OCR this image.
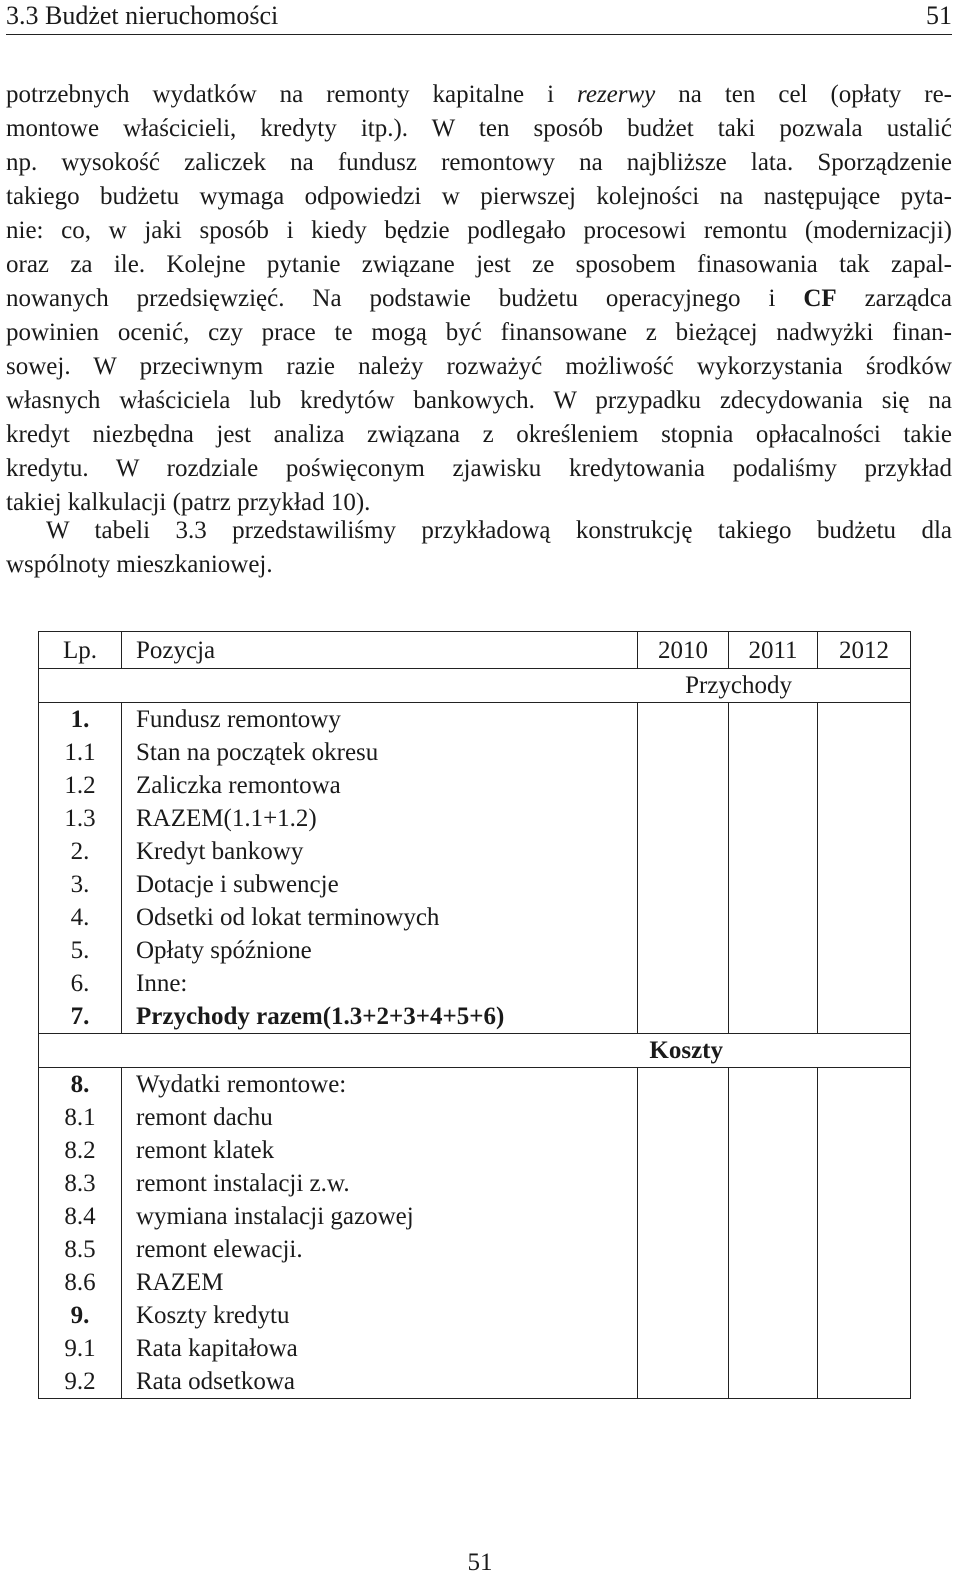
3.3 Budżet nieruchomości	51
potrzebnych wydatków na remonty kapitalne i rezerwy na ten cel (opłaty re-
montowe właścicieli, kredyty itp.). W ten sposób budżet taki pozwala ustalić
np. wysokość zaliczek na fundusz remontowy na najbliższe lata. Sporządzenie
takiego budżetu wymaga odpowiedzi w pierwszej kolejności na następujące pyta-
nie: co, w jaki sposób i kiedy będzie podlegało procesowi remontu (modernizacji)
oraz za ile. Kolejne pytanie związane jest ze sposobem finasowania tak zapal-
nowanych przedsięwzięć. Na podstawie budżetu operacyjnego i CF zarządca
powinien ocenić, czy prace te mogą być finansowane z bieżącej nadwyżki finan-
sowej. W przeciwnym razie należy rozważyć możliwość wykorzystania środków
własnych właściciela lub kredytów bankowych. W przypadku zdecydowania się na
kredyt niezbędna jest analiza związana z określeniem stopnia opłacalności takie
kredytu. W rozdziale poświęconym zjawisku kredytowania podaliśmy przykład
takiej kalkulacji (patrz przykład 10).
W tabeli 3.3 przedstawiliśmy przykładową konstrukcję takiego budżetu dla
wspólnoty mieszkaniowej.
Lp.	Pozycja	2010	2011	2012
Przychody				
1.	Fundusz remontowy			
1.1	Stan na początek okresu			
1.2	Zaliczka remontowa			
1.3	RAZEM(1.1+1.2)			
2.	Kredyt bankowy			
3.	Dotacje i subwencje			
4.	Odsetki od lokat terminowych			
5.	Opłaty spóźnione			
6.	Inne:			
7.	Przychody razem(1.3+2+3+4+5+6)			
Koszty				
8.	Wydatki remontowe:			
8.1	remont dachu			
8.2	remont klatek			
8.3	remont instalacji z.w.			
8.4	wymiana instalacji gazowej			
8.5	remont elewacji.			
8.6	RAZEM			
9.	Koszty kredytu			
9.1	Rata kapitałowa			
9.2	Rata odsetkowa			
51
